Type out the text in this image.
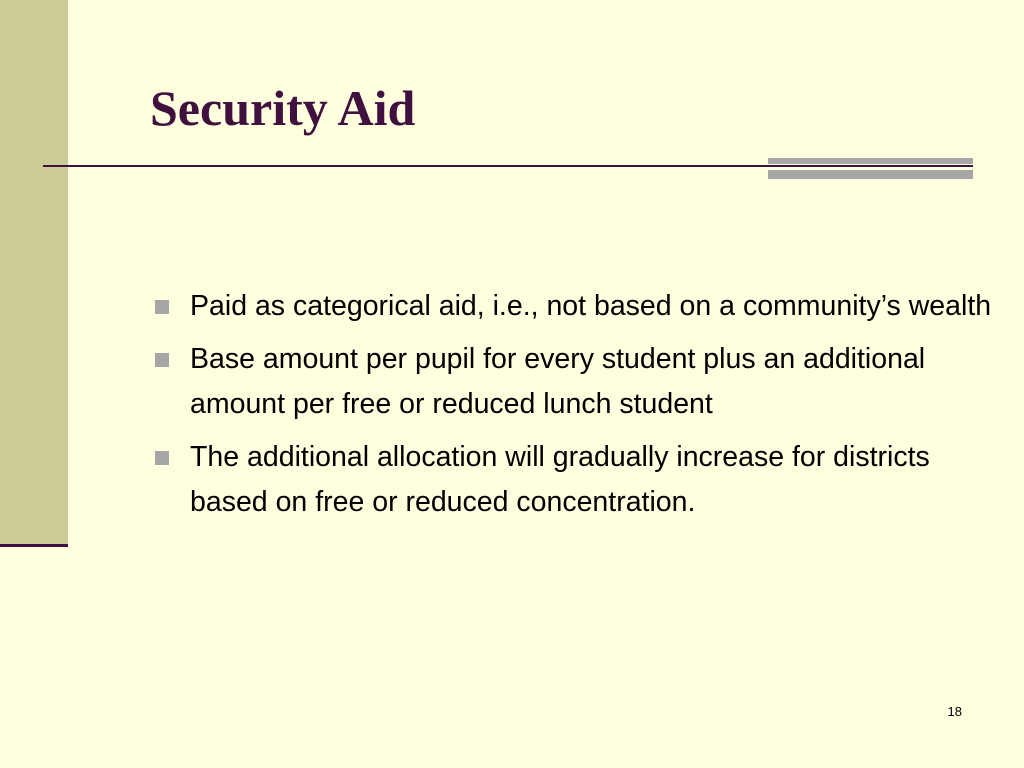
Security Aid
Paid as categorical aid, i.e., not based on a community’s wealth
Base amount per pupil for every student plus an additional amount per free or reduced lunch student
The additional allocation will gradually increase for districts based on free or reduced concentration.
18
